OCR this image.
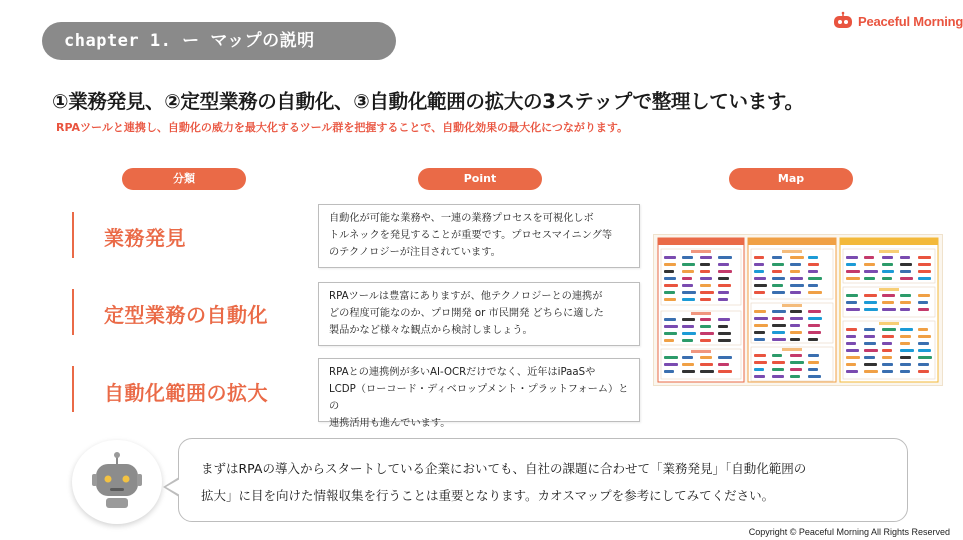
chapter 1. ー マップの説明
Peaceful Morning
①業務発見、②定型業務の自動化、③自動化範囲の拡大の3ステップで整理しています。
RPAツールと連携し、自動化の威力を最大化するツール群を把握することで、自動化効果の最大化につながります。
分類	Point	Map
業務発見
自動化が可能な業務や、一連の業務プロセスを可視化しボ
トルネックを発見することが重要です。プロセスマイニング等
のテクノロジーが注目されています。
定型業務の自動化
RPAツールは豊富にありますが、他テクノロジーとの連携が
どの程度可能なのか、プロ開発 or 市民開発 どちらに適した
製品かなど様々な観点から検討しましょう。
自動化範囲の拡大
RPAとの連携例が多いAI-OCRだけでなく、近年はiPaaSや
LCDP（ローコード・ディベロップメント・プラットフォーム）との
連携活用も進んでいます。
まずはRPAの導入からスタートしている企業においても、自社の課題に合わせて「業務発見」「自動化範囲の
拡大」に目を向けた情報収集を行うことは重要となります。カオスマップを参考にしてみてください。
Copyright © Peaceful Morning All Rights Reserved
